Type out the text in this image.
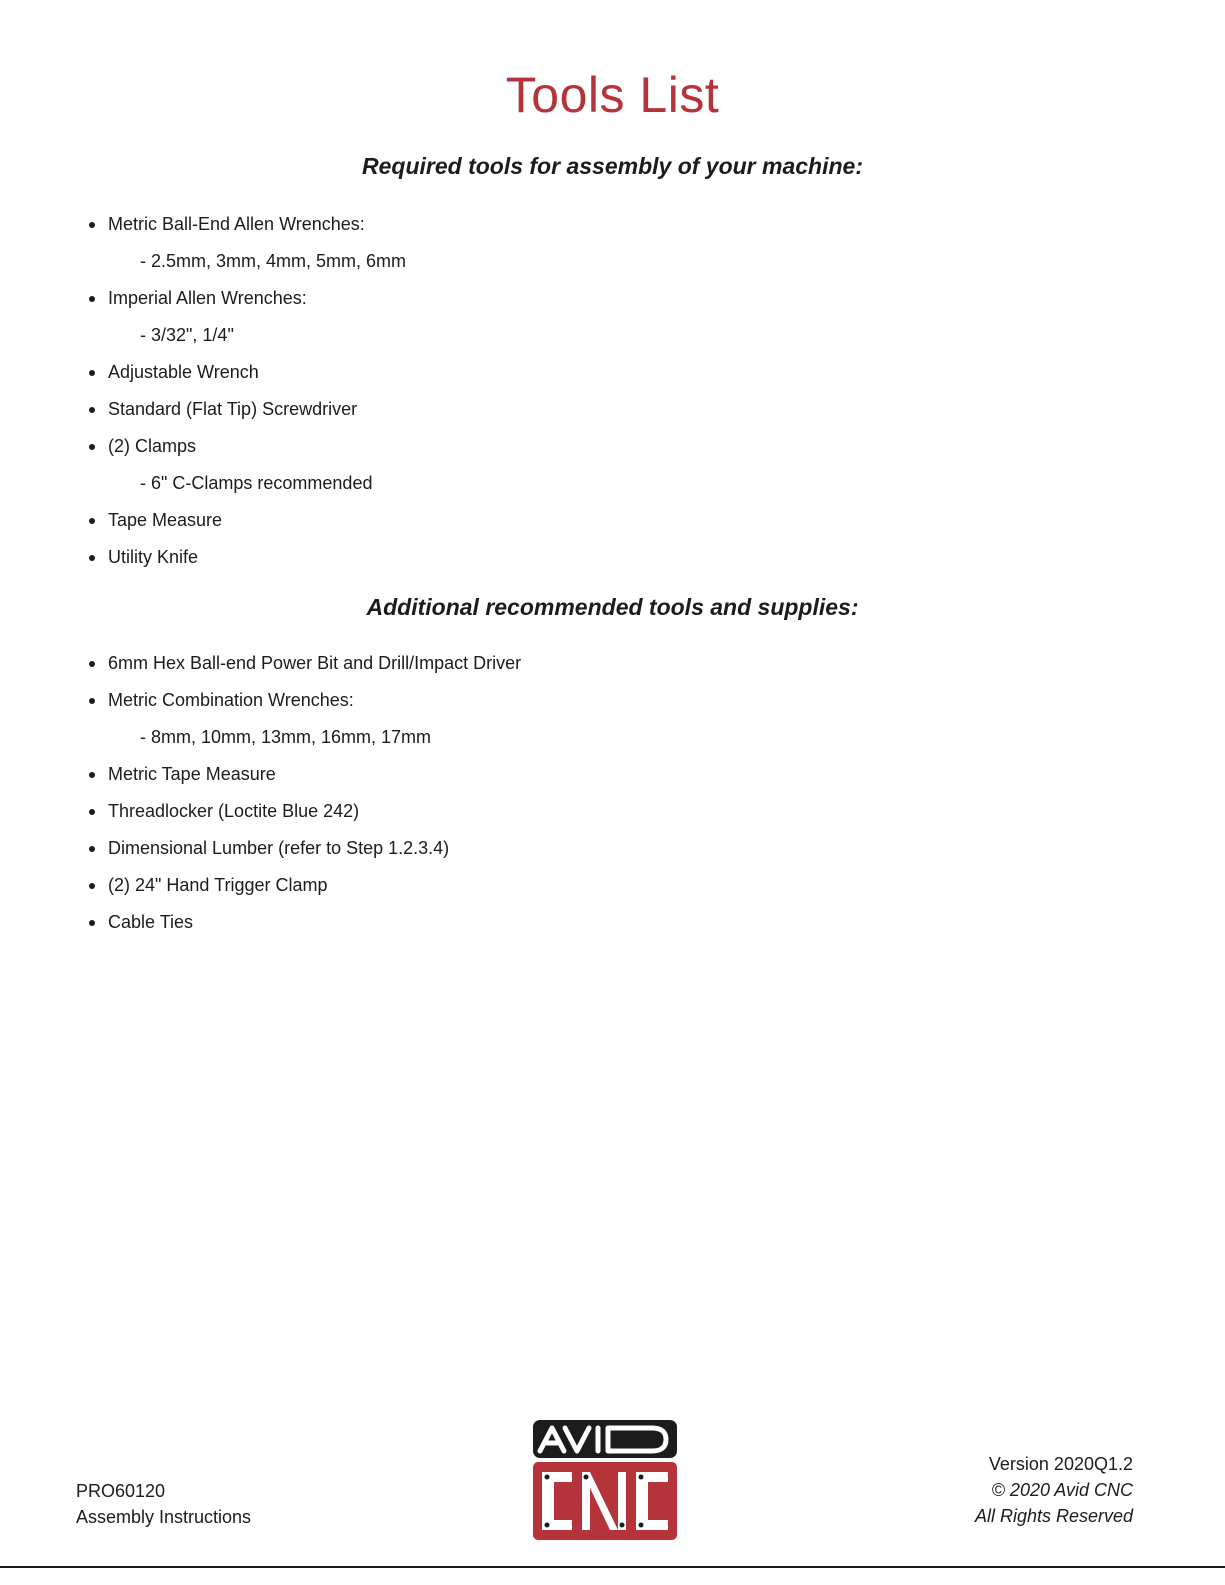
Tools List
Required tools for assembly of your machine:
Metric Ball-End Allen Wrenches:
- 2.5mm, 3mm, 4mm, 5mm, 6mm
Imperial Allen Wrenches:
- 3/32", 1/4"
Adjustable Wrench
Standard (Flat Tip) Screwdriver
(2) Clamps
- 6" C-Clamps recommended
Tape Measure
Utility Knife
Additional recommended tools and supplies:
6mm Hex Ball-end Power Bit and Drill/Impact Driver
Metric Combination Wrenches:
- 8mm, 10mm, 13mm, 16mm, 17mm
Metric Tape Measure
Threadlocker (Loctite Blue 242)
Dimensional Lumber (refer to Step 1.2.3.4)
(2) 24" Hand Trigger Clamp
Cable Ties
PRO60120
Assembly Instructions
Version 2020Q1.2
© 2020 Avid CNC
All Rights Reserved
